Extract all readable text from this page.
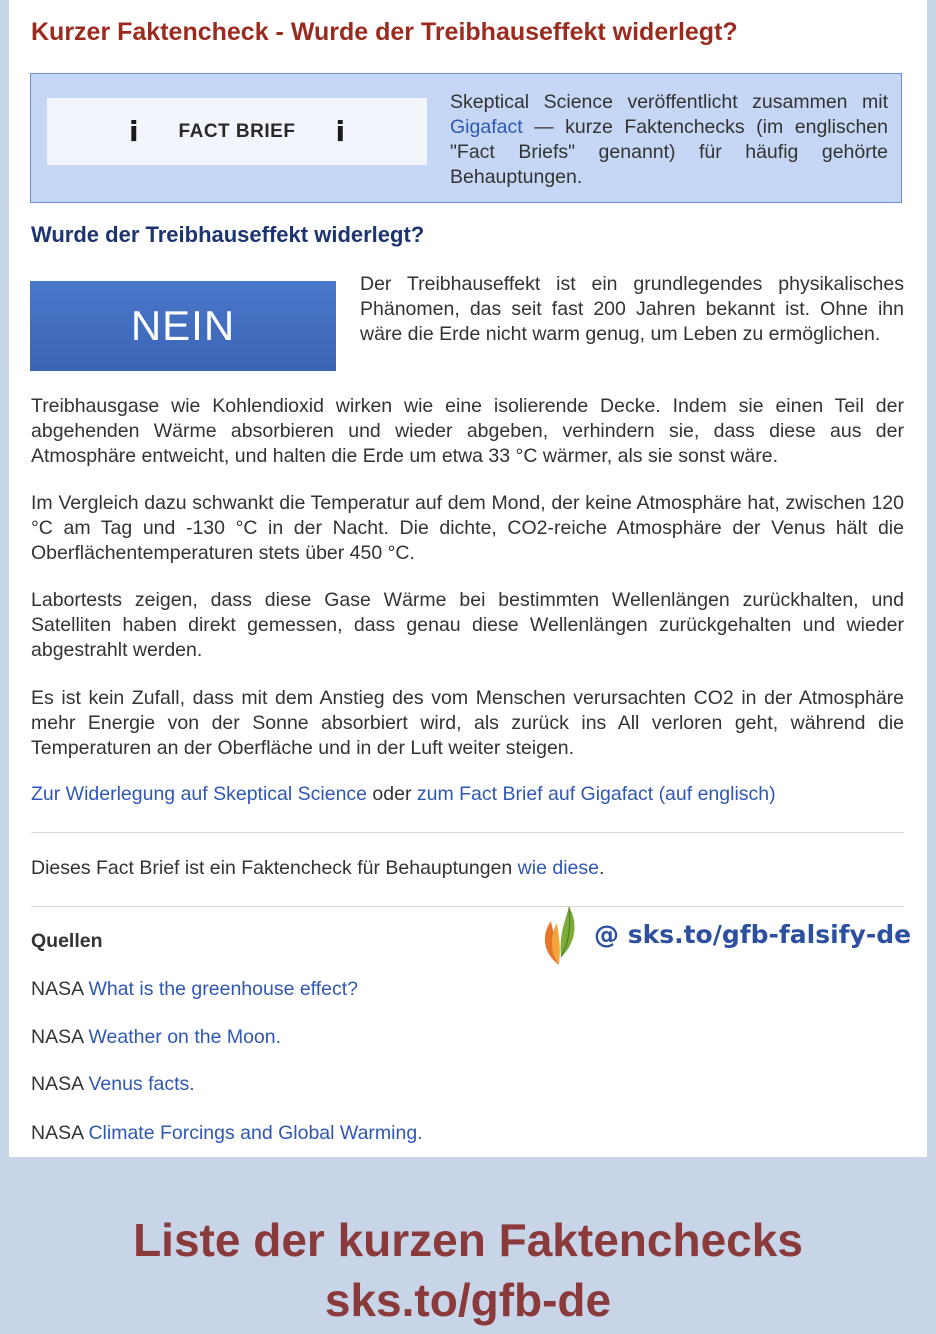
Kurzer Faktencheck - Wurde der Treibhauseffekt widerlegt?
i FACT BRIEF i

Skeptical Science veröffentlicht zusammen mit Gigafact — kurze Faktenchecks (im englischen "Fact Briefs" genannt) für häufig gehörte Behauptungen.

Wurde der Treibhauseffekt widerlegt?
NEIN

Der Treibhauseffekt ist ein grundlegendes physikalisches Phänomen, das seit fast 200 Jahren bekannt ist. Ohne ihn wäre die Erde nicht warm genug, um Leben zu ermöglichen.

Treibhausgase wie Kohlendioxid wirken wie eine isolierende Decke. Indem sie einen Teil der abgehenden Wärme absorbieren und wieder abgeben, verhindern sie, dass diese aus der Atmosphäre entweicht, und halten die Erde um etwa 33 °C wärmer, als sie sonst wäre.

Im Vergleich dazu schwankt die Temperatur auf dem Mond, der keine Atmosphäre hat, zwischen 120 °C am Tag und -130 °C in der Nacht. Die dichte, CO2-reiche Atmosphäre der Venus hält die Oberflächentemperaturen stets über 450 °C.

Labortests zeigen, dass diese Gase Wärme bei bestimmten Wellenlängen zurückhalten, und Satelliten haben direkt gemessen, dass genau diese Wellenlängen zurückgehalten und wieder abgestrahlt werden.

Es ist kein Zufall, dass mit dem Anstieg des vom Menschen verursachten CO2 in der Atmosphäre mehr Energie von der Sonne absorbiert wird, als zurück ins All verloren geht, während die Temperaturen an der Oberfläche und in der Luft weiter steigen.

Zur Widerlegung auf Skeptical Science oder zum Fact Brief auf Gigafact (auf englisch)

Dieses Fact Brief ist ein Faktencheck für Behauptungen wie diese.

Quellen	@ sks.to/gfb-falsify-de

NASA What is the greenhouse effect?

NASA Weather on the Moon.

NASA Venus facts.

NASA Climate Forcings and Global Warming.

Liste der kurzen Faktenchecks
sks.to/gfb-de
